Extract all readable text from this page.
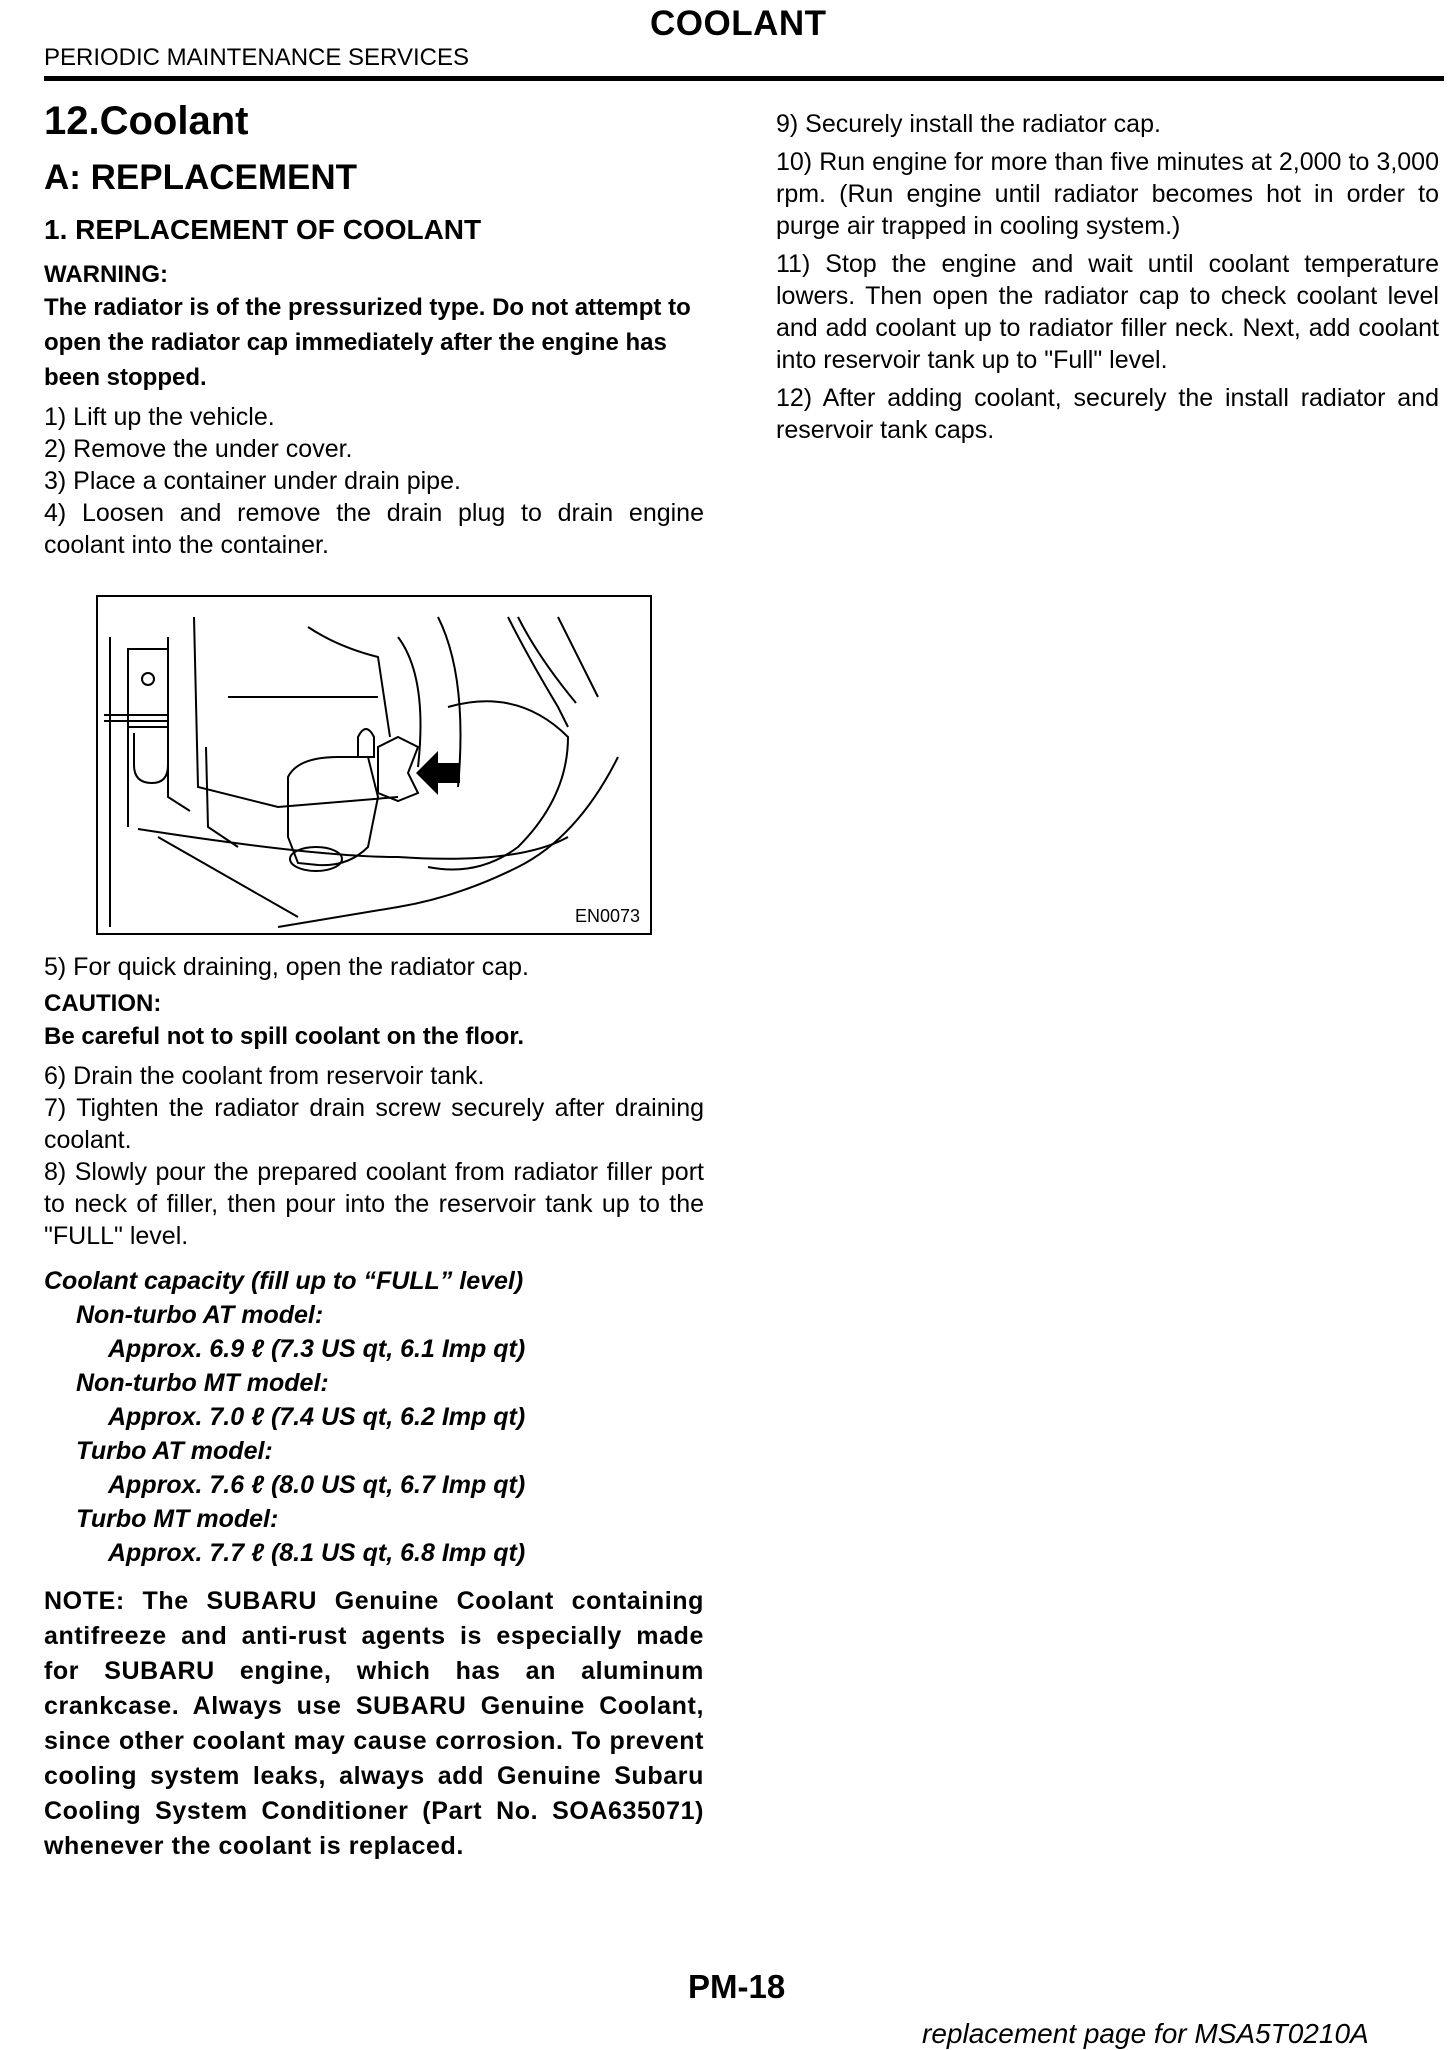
COOLANT
PERIODIC MAINTENANCE SERVICES
12.Coolant
A: REPLACEMENT
1. REPLACEMENT OF COOLANT
WARNING:
The radiator is of the pressurized type. Do not attempt to open the radiator cap immediately after the engine has been stopped.
1) Lift up the vehicle.
2) Remove the under cover.
3) Place a container under drain pipe.
4) Loosen and remove the drain plug to drain engine coolant into the container.
EN0073
5) For quick draining, open the radiator cap.
CAUTION:
Be careful not to spill coolant on the floor.
6) Drain the coolant from reservoir tank.
7) Tighten the radiator drain screw securely after draining coolant.
8) Slowly pour the prepared coolant from radiator filler port to neck of filler, then pour into the reservoir tank up to the "FULL" level.
Coolant capacity (fill up to “FULL” level)
Non-turbo AT model:
Approx. 6.9 ℓ (7.3 US qt, 6.1 Imp qt)
Non-turbo MT model:
Approx. 7.0 ℓ (7.4 US qt, 6.2 Imp qt)
Turbo AT model:
Approx. 7.6 ℓ (8.0 US qt, 6.7 Imp qt)
Turbo MT model:
Approx. 7.7 ℓ (8.1 US qt, 6.8 Imp qt)
NOTE: The SUBARU Genuine Coolant containing antifreeze and anti-rust agents is especially made for SUBARU engine, which has an aluminum crankcase. Always use SUBARU Genuine Coolant, since other coolant may cause corrosion. To prevent cooling system leaks, always add Genuine Subaru Cooling System Conditioner (Part No. SOA635071) whenever the coolant is replaced.
9) Securely install the radiator cap.
10) Run engine for more than five minutes at 2,000 to 3,000 rpm. (Run engine until radiator becomes hot in order to purge air trapped in cooling system.)
11) Stop the engine and wait until coolant temperature lowers. Then open the radiator cap to check coolant level and add coolant up to radiator filler neck. Next, add coolant into reservoir tank up to "Full" level.
12) After adding coolant, securely the install radiator and reservoir tank caps.
PM-18
replacement page for MSA5T0210A
